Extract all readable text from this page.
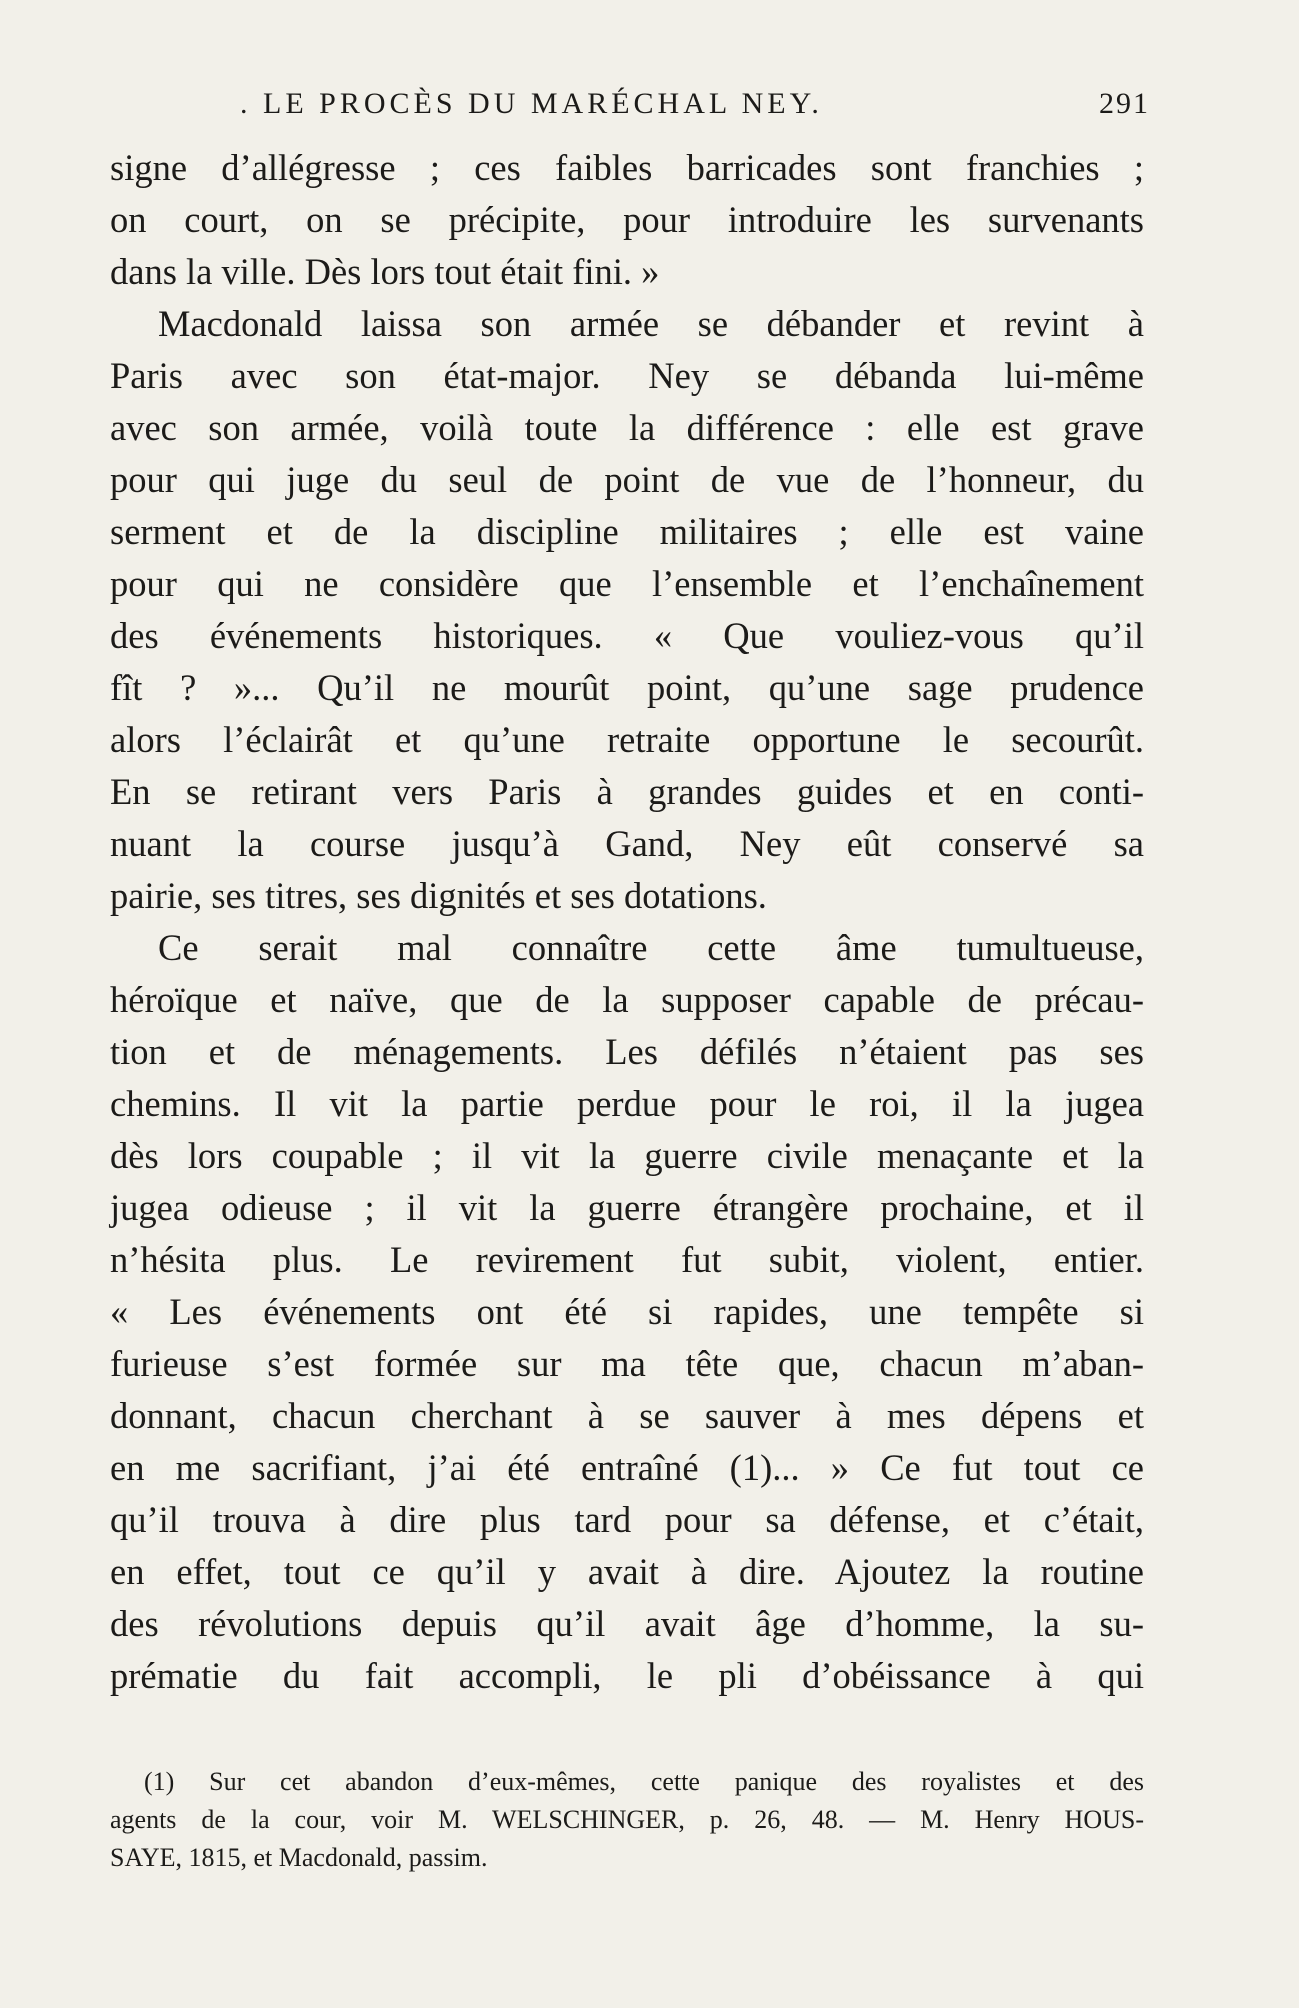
. LE PROCÈS DU MARÉCHAL NEY.	291
signe d’allégresse ; ces faibles barricades sont franchies ;
on court, on se précipite, pour introduire les survenants
dans la ville. Dès lors tout était fini. »
Macdonald laissa son armée se débander et revint à
Paris avec son état-major. Ney se débanda lui-même
avec son armée, voilà toute la différence : elle est grave
pour qui juge du seul de point de vue de l’honneur, du
serment et de la discipline militaires ; elle est vaine
pour qui ne considère que l’ensemble et l’enchaînement
des événements historiques. « Que vouliez-vous qu’il
fît ? »... Qu’il ne mourût point, qu’une sage prudence
alors l’éclairât et qu’une retraite opportune le secourût.
En se retirant vers Paris à grandes guides et en conti-
nuant la course jusqu’à Gand, Ney eût conservé sa
pairie, ses titres, ses dignités et ses dotations.
Ce serait mal connaître cette âme tumultueuse,
héroïque et naïve, que de la supposer capable de précau-
tion et de ménagements. Les défilés n’étaient pas ses
chemins. Il vit la partie perdue pour le roi, il la jugea
dès lors coupable ; il vit la guerre civile menaçante et la
jugea odieuse ; il vit la guerre étrangère prochaine, et il
n’hésita plus. Le revirement fut subit, violent, entier.
« Les événements ont été si rapides, une tempête si
furieuse s’est formée sur ma tête que, chacun m’aban-
donnant, chacun cherchant à se sauver à mes dépens et
en me sacrifiant, j’ai été entraîné (1)... » Ce fut tout ce
qu’il trouva à dire plus tard pour sa défense, et c’était,
en effet, tout ce qu’il y avait à dire. Ajoutez la routine
des révolutions depuis qu’il avait âge d’homme, la su-
prématie du fait accompli, le pli d’obéissance à qui
(1) Sur cet abandon d’eux-mêmes, cette panique des royalistes et des
agents de la cour, voir M. WELSCHINGER, p. 26, 48. — M. Henry HOUS-
SAYE, 1815, et Macdonald, passim.
